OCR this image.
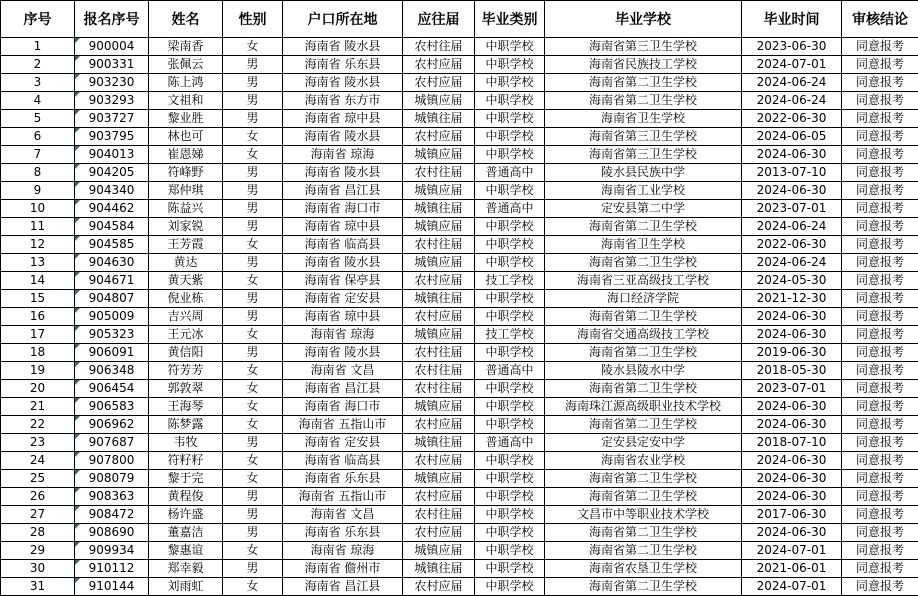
序号	报名序号	姓名	性别	户口所在地	应往届	毕业类别	毕业学校	毕业时间	审核结论
1	900004	梁南香	女	海南省 陵水县	农村往届	中职学校	海南省第三卫生学校	2023-06-30	同意报考
2	900331	张佩云	男	海南省 乐东县	农村应届	中职学校	海南省民族技工学校	2024-07-01	同意报考
3	903230	陈上鸿	男	海南省 陵水县	农村应届	中职学校	海南省第二卫生学校	2024-06-24	同意报考
4	903293	文祖和	男	海南省 东方市	城镇应届	中职学校	海南省第二卫生学校	2024-06-24	同意报考
5	903727	黎业胜	男	海南省 琼中县	城镇往届	中职学校	海南省卫生学校	2022-06-30	同意报考
6	903795	林也可	女	海南省 陵水县	农村应届	中职学校	海南省第三卫生学校	2024-06-05	同意报考
7	904013	崔恩娣	女	海南省 琼海	城镇应届	中职学校	海南省第三卫生学校	2024-06-30	同意报考
8	904205	符峰野	男	海南省 陵水县	农村往届	普通高中	陵水县民族中学	2013-07-10	同意报考
9	904340	郑仲琪	男	海南省 昌江县	城镇应届	中职学校	海南省工业学校	2024-06-30	同意报考
10	904462	陈益兴	男	海南省 海口市	城镇往届	普通高中	定安县第二中学	2023-07-01	同意报考
11	904584	刘家锐	男	海南省 琼中县	城镇应届	中职学校	海南省第二卫生学校	2024-06-24	同意报考
12	904585	王芳霞	女	海南省 临高县	农村往届	中职学校	海南省卫生学校	2022-06-30	同意报考
13	904630	黄达	男	海南省 陵水县	城镇应届	中职学校	海南省第二卫生学校	2024-06-24	同意报考
14	904671	黄天紫	女	海南省 保亭县	农村应届	技工学校	海南省三亚高级技工学校	2024-05-30	同意报考
15	904807	倪业栋	男	海南省 定安县	城镇往届	中职学校	海口经济学院	2021-12-30	同意报考
16	905009	吉兴周	男	海南省 琼中县	农村应届	中职学校	海南省第二卫生学校	2024-06-30	同意报考
17	905323	王元冰	女	海南省 琼海	城镇应届	技工学校	海南省交通高级技工学校	2024-06-30	同意报考
18	906091	黄信阳	男	海南省 陵水县	农村往届	中职学校	海南省第二卫生学校	2019-06-30	同意报考
19	906348	符芳芳	女	海南省 文昌	农村往届	普通高中	陵水县陵水中学	2018-05-30	同意报考
20	906454	郭敦翠	女	海南省 昌江县	农村往届	中职学校	海南省第二卫生学校	2023-07-01	同意报考
21	906583	王海琴	女	海南省 海口市	城镇应届	中职学校	海南珠江源高级职业技术学校	2024-06-30	同意报考
22	906962	陈梦露	女	海南省 五指山市	农村应届	中职学校	海南省第二卫生学校	2024-06-30	同意报考
23	907687	韦牧	男	海南省 定安县	城镇往届	普通高中	定安县定安中学	2018-07-10	同意报考
24	907800	符籽籽	女	海南省 临高县	农村应届	中职学校	海南省农业学校	2024-06-30	同意报考
25	908079	黎于完	女	海南省 乐东县	城镇应届	中职学校	海南省第二卫生学校	2024-06-30	同意报考
26	908363	黄程俊	男	海南省 五指山市	农村应届	中职学校	海南省第二卫生学校	2024-06-30	同意报考
27	908472	杨许盛	男	海南省 文昌	农村往届	中职学校	文昌市中等职业技术学校	2017-06-30	同意报考
28	908690	董嘉洁	男	海南省 乐东县	农村应届	中职学校	海南省第二卫生学校	2024-06-30	同意报考
29	909934	黎惠谊	女	海南省 琼海	城镇应届	中职学校	海南省第二卫生学校	2024-07-01	同意报考
30	910112	郑幸毅	男	海南省 儋州市	城镇往届	中职学校	海南省农垦卫生学校	2021-06-01	同意报考
31	910144	刘雨虹	女	海南省 昌江县	农村应届	中职学校	海南省第二卫生学校	2024-07-01	同意报考
